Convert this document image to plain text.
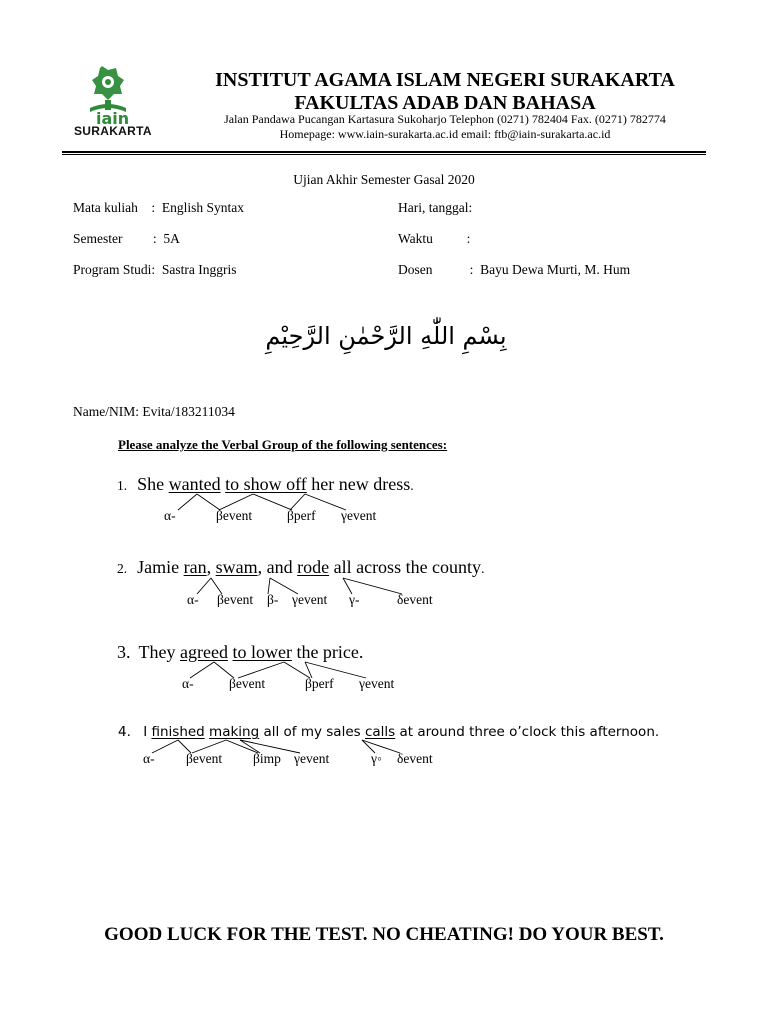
iain
SURAKARTA
INSTITUT AGAMA ISLAM NEGERI SURAKARTA
FAKULTAS ADAB DAN BAHASA
Jalan Pandawa Pucangan Kartasura Sukoharjo Telephon (0271) 782404 Fax. (0271) 782774
Homepage: www.iain-surakarta.ac.id email: ftb@iain-surakarta.ac.id
Ujian Akhir Semester Gasal 2020
Mata kuliah    :  English Syntax
Semester         :  5A
Program Studi:  Sastra Inggris
Hari, tanggal:
Waktu          :
Dosen           :  Bayu Dewa Murti, M. Hum
بِسْمِ اللّٰهِ الرَّحْمٰنِ الرَّحِيْمِ
Name/NIM: Evita/183211034
Please analyze the Verbal Group of the following sentences:
1. She wanted to show off her new dress.
α-	βevent	βperf γevent
2. Jamie ran, swam, and rode all across the county.
α- βevent β- γevent γ-	δevent
3. They agreed to lower the price.
α-	βevent	βperf γevent
4. I finished making all of my sales calls at around three o’clock this afternoon.
α- βevent βimp γevent	γ◦ δevent
GOOD LUCK FOR THE TEST. NO CHEATING! DO YOUR BEST.
